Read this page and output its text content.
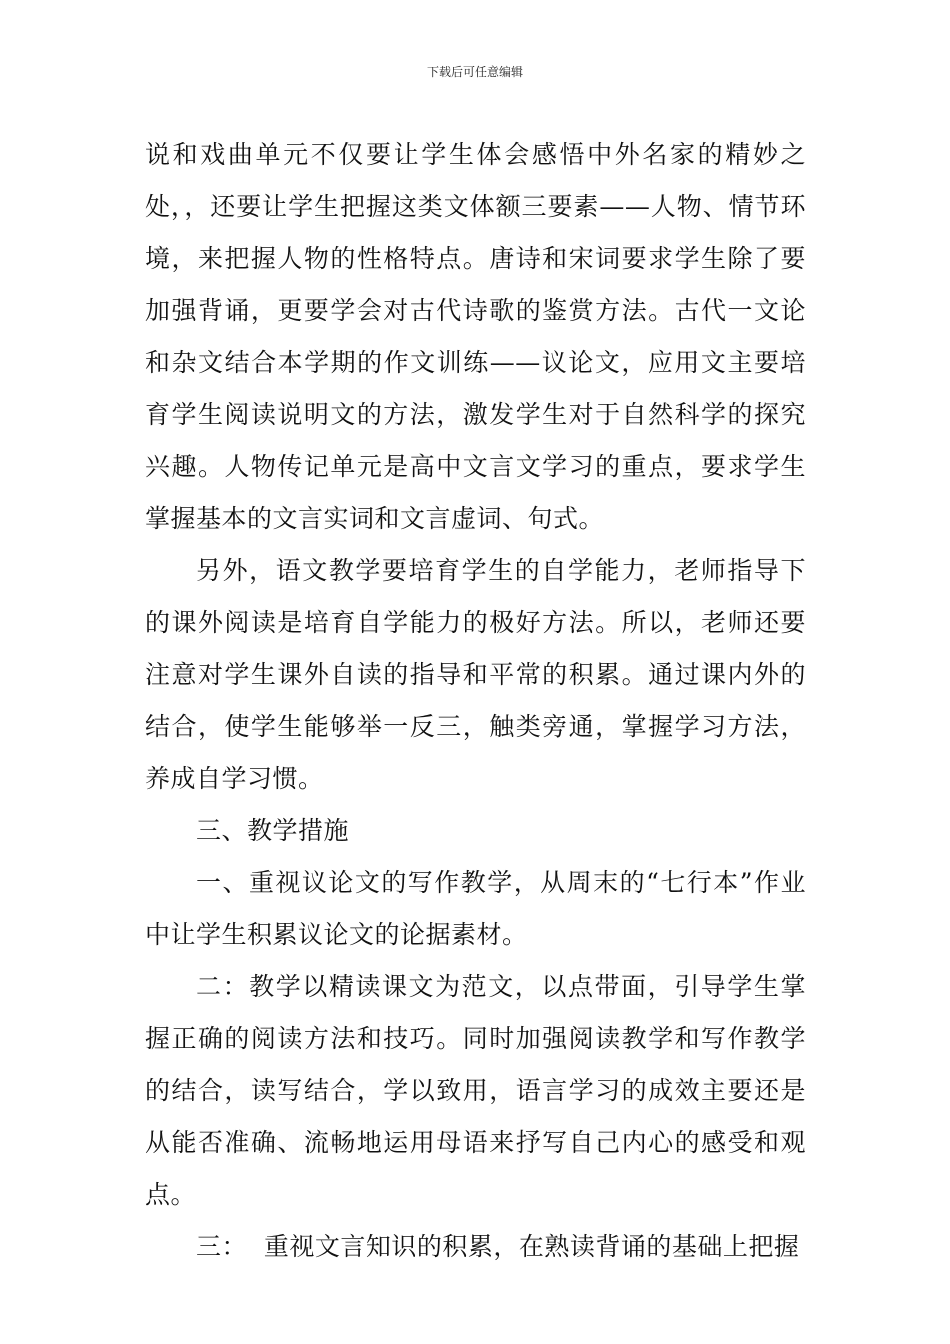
下载后可任意编辑

说和戏曲单元不仅要让学生体会感悟中外名家的精妙之处，，还要让学生把握这类文体额三要素——人物、情节环境，来把握人物的性格特点。唐诗和宋词要求学生除了要加强背诵，更要学会对古代诗歌的鉴赏方法。古代一文论和杂文结合本学期的作文训练——议论文，应用文主要培育学生阅读说明文的方法，激发学生对于自然科学的探究兴趣。人物传记单元是高中文言文学习的重点，要求学生掌握基本的文言实词和文言虚词、句式。

另外，语文教学要培育学生的自学能力，老师指导下的课外阅读是培育自学能力的极好方法。所以，老师还要注意对学生课外自读的指导和平常的积累。通过课内外的结合，使学生能够举一反三，触类旁通，掌握学习方法，养成自学习惯。

三、教学措施

一、重视议论文的写作教学，从周末的“七行本”作业中让学生积累议论文的论据素材。

二：教学以精读课文为范文，以点带面，引导学生掌握正确的阅读方法和技巧。同时加强阅读教学和写作教学的结合，读写结合，学以致用，语言学习的成效主要还是从能否准确、流畅地运用母语来抒写自己内心的感受和观点。

三：  重视文言知识的积累，在熟读背诵的基础上把握
